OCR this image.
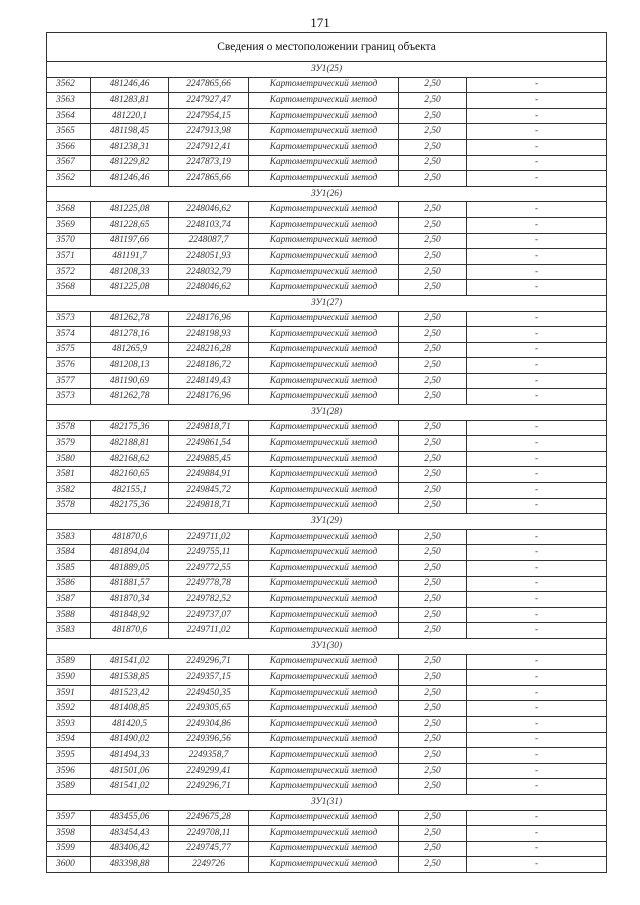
171
Сведения о местоположении границ объекта					
ЗУ1(25)					
3562	481246,46	2247865,66	Картометрический метод	2,50	-
3563	481283,81	2247927,47	Картометрический метод	2,50	-
3564	481220,1	2247954,15	Картометрический метод	2,50	-
3565	481198,45	2247913,98	Картометрический метод	2,50	-
3566	481238,31	2247912,41	Картометрический метод	2,50	-
3567	481229,82	2247873,19	Картометрический метод	2,50	-
3562	481246,46	2247865,66	Картометрический метод	2,50	-
ЗУ1(26)					
3568	481225,08	2248046,62	Картометрический метод	2,50	-
3569	481228,65	2248103,74	Картометрический метод	2,50	-
3570	481197,66	2248087,7	Картометрический метод	2,50	-
3571	481191,7	2248051,93	Картометрический метод	2,50	-
3572	481208,33	2248032,79	Картометрический метод	2,50	-
3568	481225,08	2248046,62	Картометрический метод	2,50	-
ЗУ1(27)					
3573	481262,78	2248176,96	Картометрический метод	2,50	-
3574	481278,16	2248198,93	Картометрический метод	2,50	-
3575	481265,9	2248216,28	Картометрический метод	2,50	-
3576	481208,13	2248186,72	Картометрический метод	2,50	-
3577	481190,69	2248149,43	Картометрический метод	2,50	-
3573	481262,78	2248176,96	Картометрический метод	2,50	-
ЗУ1(28)					
3578	482175,36	2249818,71	Картометрический метод	2,50	-
3579	482188,81	2249861,54	Картометрический метод	2,50	-
3580	482168,62	2249885,45	Картометрический метод	2,50	-
3581	482160,65	2249884,91	Картометрический метод	2,50	-
3582	482155,1	2249845,72	Картометрический метод	2,50	-
3578	482175,36	2249818,71	Картометрический метод	2,50	-
ЗУ1(29)					
3583	481870,6	2249711,02	Картометрический метод	2,50	-
3584	481894,04	2249755,11	Картометрический метод	2,50	-
3585	481889,05	2249772,55	Картометрический метод	2,50	-
3586	481881,57	2249778,78	Картометрический метод	2,50	-
3587	481870,34	2249782,52	Картометрический метод	2,50	-
3588	481848,92	2249737,07	Картометрический метод	2,50	-
3583	481870,6	2249711,02	Картометрический метод	2,50	-
ЗУ1(30)					
3589	481541,02	2249296,71	Картометрический метод	2,50	-
3590	481538,85	2249357,15	Картометрический метод	2,50	-
3591	481523,42	2249450,35	Картометрический метод	2,50	-
3592	481408,85	2249305,65	Картометрический метод	2,50	-
3593	481420,5	2249304,86	Картометрический метод	2,50	-
3594	481490,02	2249396,56	Картометрический метод	2,50	-
3595	481494,33	2249358,7	Картометрический метод	2,50	-
3596	481501,06	2249299,41	Картометрический метод	2,50	-
3589	481541,02	2249296,71	Картометрический метод	2,50	-
ЗУ1(31)					
3597	483455,06	2249675,28	Картометрический метод	2,50	-
3598	483454,43	2249708,11	Картометрический метод	2,50	-
3599	483406,42	2249745,77	Картометрический метод	2,50	-
3600	483398,88	2249726	Картометрический метод	2,50	-
